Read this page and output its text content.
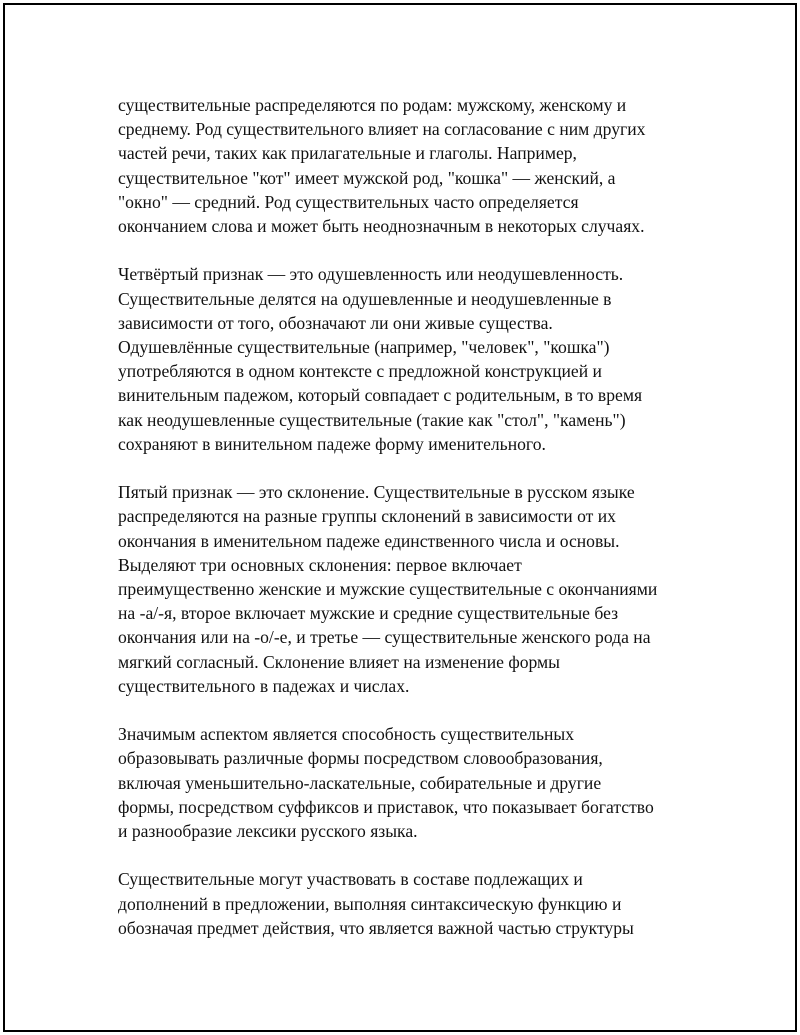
существительные распределяются по родам: мужскому, женскому и
среднему. Род существительного влияет на согласование с ним других
частей речи, таких как прилагательные и глаголы. Например,
существительное "кот" имеет мужской род, "кошка" — женский, а
"окно" — средний. Род существительных часто определяется
окончанием слова и может быть неоднозначным в некоторых случаях.

Четвёртый признак — это одушевленность или неодушевленность.
Существительные делятся на одушевленные и неодушевленные в
зависимости от того, обозначают ли они живые существа.
Одушевлённые существительные (например, "человек", "кошка")
употребляются в одном контексте с предложной конструкцией и
винительным падежом, который совпадает с родительным, в то время
как неодушевленные существительные (такие как "стол", "камень")
сохраняют в винительном падеже форму именительного.

Пятый признак — это склонение. Существительные в русском языке
распределяются на разные группы склонений в зависимости от их
окончания в именительном падеже единственного числа и основы.
Выделяют три основных склонения: первое включает
преимущественно женские и мужские существительные с окончаниями
на -а/-я, второе включает мужские и средние существительные без
окончания или на -о/-е, и третье — существительные женского рода на
мягкий согласный. Склонение влияет на изменение формы
существительного в падежах и числах.

Значимым аспектом является способность существительных
образовывать различные формы посредством словообразования,
включая уменьшительно-ласкательные, собирательные и другие
формы, посредством суффиксов и приставок, что показывает богатство
и разнообразие лексики русского языка.

Существительные могут участвовать в составе подлежащих и
дополнений в предложении, выполняя синтаксическую функцию и
обозначая предмет действия, что является важной частью структуры
